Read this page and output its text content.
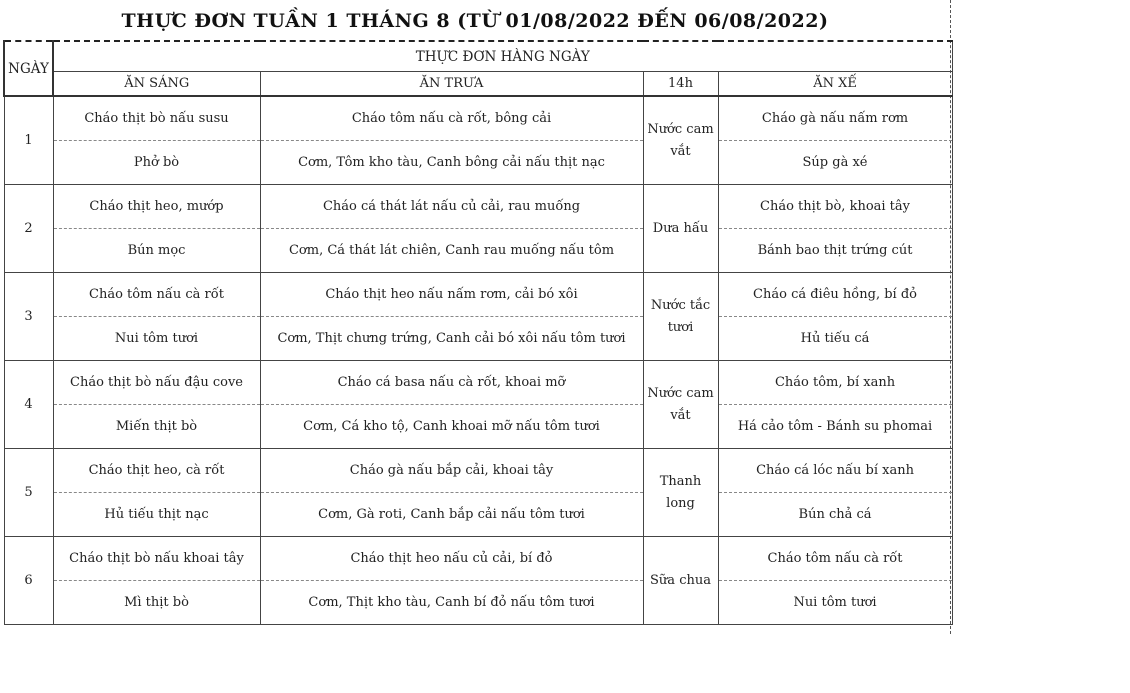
THỰC ĐƠN TUẦN 1 THÁNG 8 (TỪ 01/08/2022 ĐẾN 06/08/2022)
NGÀY	THỰC ĐƠN HÀNG NGÀY			
	ĂN SÁNG	ĂN TRƯA	14h	ĂN XẾ
1	Cháo thịt bò nấu susu	Cháo tôm nấu cà rốt, bông cải	Nước cam vắt	Cháo gà nấu nấm rơm
	Phở bò	Cơm, Tôm kho tàu, Canh bông cải nấu thịt nạc		Súp gà xé
2	Cháo thịt heo, mướp	Cháo cá thát lát nấu củ cải, rau muống	Dưa hấu	Cháo thịt bò, khoai tây
	Bún mọc	Cơm, Cá thát lát chiên, Canh rau muống nấu tôm		Bánh bao thịt trứng cút
3	Cháo tôm nấu cà rốt	Cháo thịt heo nấu nấm rơm, cải bó xôi	Nước tắc tươi	Cháo cá điêu hồng, bí đỏ
	Nui tôm tươi	Cơm, Thịt chưng trứng, Canh cải bó xôi nấu tôm tươi		Hủ tiếu cá
4	Cháo thịt bò nấu đậu cove	Cháo cá basa nấu cà rốt, khoai mỡ	Nước cam vắt	Cháo tôm, bí xanh
	Miến thịt bò	Cơm, Cá kho tộ, Canh khoai mỡ nấu tôm tươi		Há cảo tôm - Bánh su phomai
5	Cháo thịt heo, cà rốt	Cháo gà nấu bắp cải, khoai tây	Thanh long	Cháo cá lóc nấu bí xanh
	Hủ tiếu thịt nạc	Cơm, Gà roti, Canh bắp cải nấu tôm tươi		Bún chả cá
6	Cháo thịt bò nấu khoai tây	Cháo thịt heo nấu củ cải, bí đỏ	Sữa chua	Cháo tôm nấu cà rốt
	Mì thịt bò	Cơm, Thịt kho tàu, Canh bí đỏ nấu tôm tươi		Nui tôm tươi
